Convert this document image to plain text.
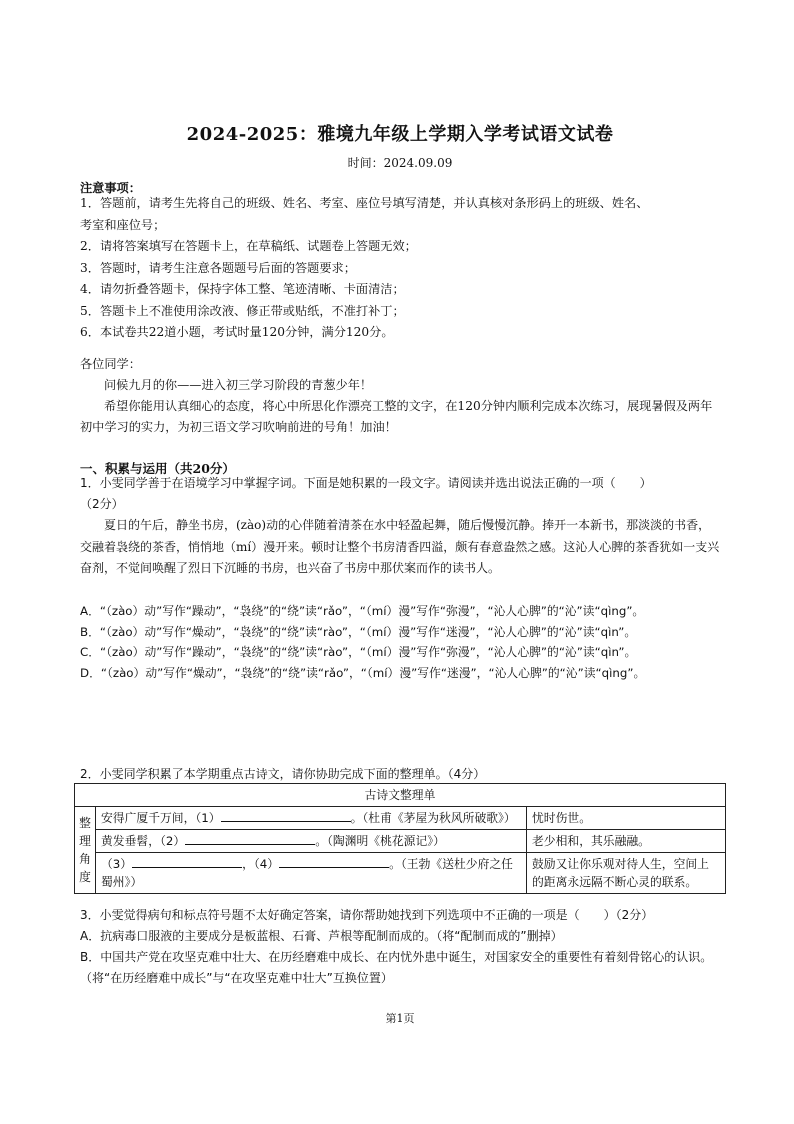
2024-2025：雅境九年级上学期入学考试语文试卷
时间：2024.09.09
注意事项：
1．答题前，请考生先将自己的班级、姓名、考室、座位号填写清楚，并认真核对条形码上的班级、姓名、
考室和座位号；
2．请将答案填写在答题卡上，在草稿纸、试题卷上答题无效；
3．答题时，请考生注意各题题号后面的答题要求；
4．请勿折叠答题卡，保持字体工整、笔迹清晰、卡面清洁；
5．答题卡上不准使用涂改液、修正带或贴纸，不准打补丁；
6．本试卷共22道小题，考试时量120分钟，满分120分。
各位同学：
问候九月的你——进入初三学习阶段的青葱少年！
希望你能用认真细心的态度，将心中所思化作漂亮工整的文字，在120分钟内顺利完成本次练习，展现暑假及两年初中学习的实力，为初三语文学习吹响前进的号角！加油！
一、积累与运用（共20分）
1．小雯同学善于在语境学习中掌握字词。下面是她积累的一段文字。请阅读并选出说法正确的一项（　　）
（2分）
夏日的午后，静坐书房，(zào)动的心伴随着清茶在水中轻盈起舞，随后慢慢沉静。捧开一本新书，那淡淡的书香，交融着袅绕的茶香，悄悄地（mí）漫开来。顿时让整个书房清香四溢，颇有春意盎然之感。这沁人心脾的茶香犹如一支兴奋剂，不觉间唤醒了烈日下沉睡的书房，也兴奋了书房中那伏案而作的读书人。
A．“（zào）动”写作“躁动”，“袅绕”的“绕”读“rǎo”，“（mí）漫”写作“弥漫”，“沁人心脾”的“沁”读“qìng”。
B．“（zào）动”写作“燥动”，“袅绕”的“绕”读“rào”，“（mí）漫”写作“迷漫”，“沁人心脾”的“沁”读“qìn”。
C．“（zào）动”写作“躁动”，“袅绕”的“绕”读“rào”，“（mí）漫”写作“弥漫”，“沁人心脾”的“沁”读“qìn”。
D．“（zào）动”写作“燥动”，“袅绕”的“绕”读“rǎo”，“（mí）漫”写作“迷漫”，“沁人心脾”的“沁”读“qìng”。
2．小雯同学积累了本学期重点古诗文，请你协助完成下面的整理单。（4分）
古诗文整理单		
整理角度	安得广厦千万间，（1） 。（杜甫《茅屋为秋风所破歌》）	忧时伤世。
	黄发垂髫，（2） 。（陶渊明《桃花源记》）	老少相和，其乐融融。
	（3） ，（4） 。（王勃《送杜少府之任蜀州》）	鼓励又让你乐观对待人生，空间上的距离永远隔不断心灵的联系。
3．小雯觉得病句和标点符号题不太好确定答案，请你帮助她找到下列选项中不正确的一项是（　　）（2分）
A．抗病毒口服液的主要成分是板蓝根、石膏、芦根等配制而成的。（将“配制而成的”删掉）
B．中国共产党在攻坚克难中壮大、在历经磨难中成长、在内忧外患中诞生，对国家安全的重要性有着刻骨铭心的认识。（将“在历经磨难中成长”与“在攻坚克难中壮大”互换位置）
第1页
